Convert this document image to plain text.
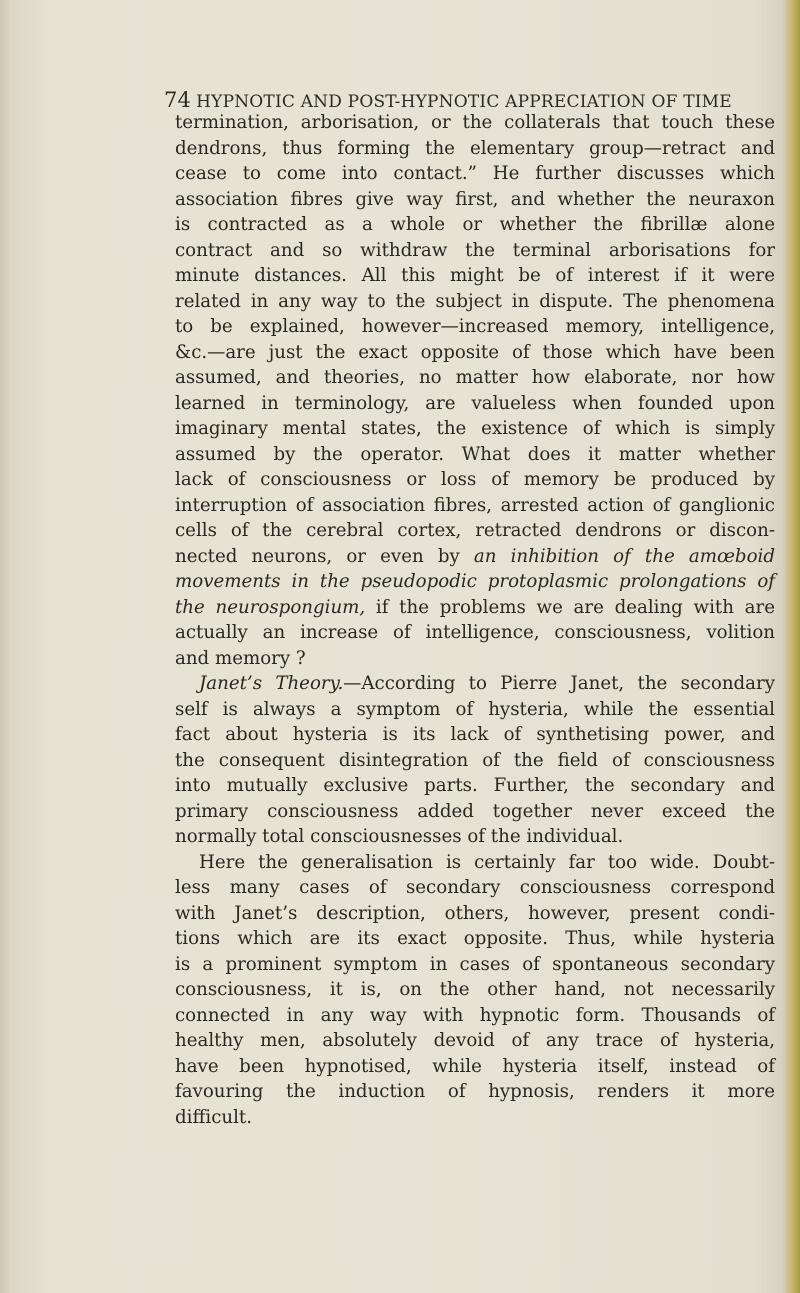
74 HYPNOTIC AND POST-HYPNOTIC APPRECIATION OF TIME
termination, arborisation, or the collaterals that touch these
dendrons, thus forming the elementary group—retract and
cease to come into contact.” He further discusses which
association fibres give way first, and whether the neuraxon
is contracted as a whole or whether the fibrillæ alone
contract and so withdraw the terminal arborisations for
minute distances. All this might be of interest if it were
related in any way to the subject in dispute. The phenomena
to be explained, however—increased memory, intelligence,
&c.—are just the exact opposite of those which have been
assumed, and theories, no matter how elaborate, nor how
learned in terminology, are valueless when founded upon
imaginary mental states, the existence of which is simply
assumed by the operator. What does it matter whether
lack of consciousness or loss of memory be produced by
interruption of association fibres, arrested action of ganglionic
cells of the cerebral cortex, retracted dendrons or discon-
nected neurons, or even by an inhibition of the amœboid
movements in the pseudopodic protoplasmic prolongations of
the neurospongium, if the problems we are dealing with are
actually an increase of intelligence, consciousness, volition
and memory ?
Janet’s Theory.—According to Pierre Janet, the secondary
self is always a symptom of hysteria, while the essential
fact about hysteria is its lack of synthetising power, and
the consequent disintegration of the field of consciousness
into mutually exclusive parts. Further, the secondary and
primary consciousness added together never exceed the
normally total consciousnesses of the individual.
Here the generalisation is certainly far too wide. Doubt-
less many cases of secondary consciousness correspond
with Janet’s description, others, however, present condi-
tions which are its exact opposite. Thus, while hysteria
is a prominent symptom in cases of spontaneous secondary
consciousness, it is, on the other hand, not necessarily
connected in any way with hypnotic form. Thousands of
healthy men, absolutely devoid of any trace of hysteria,
have been hypnotised, while hysteria itself, instead of
favouring the induction of hypnosis, renders it more
difficult.
